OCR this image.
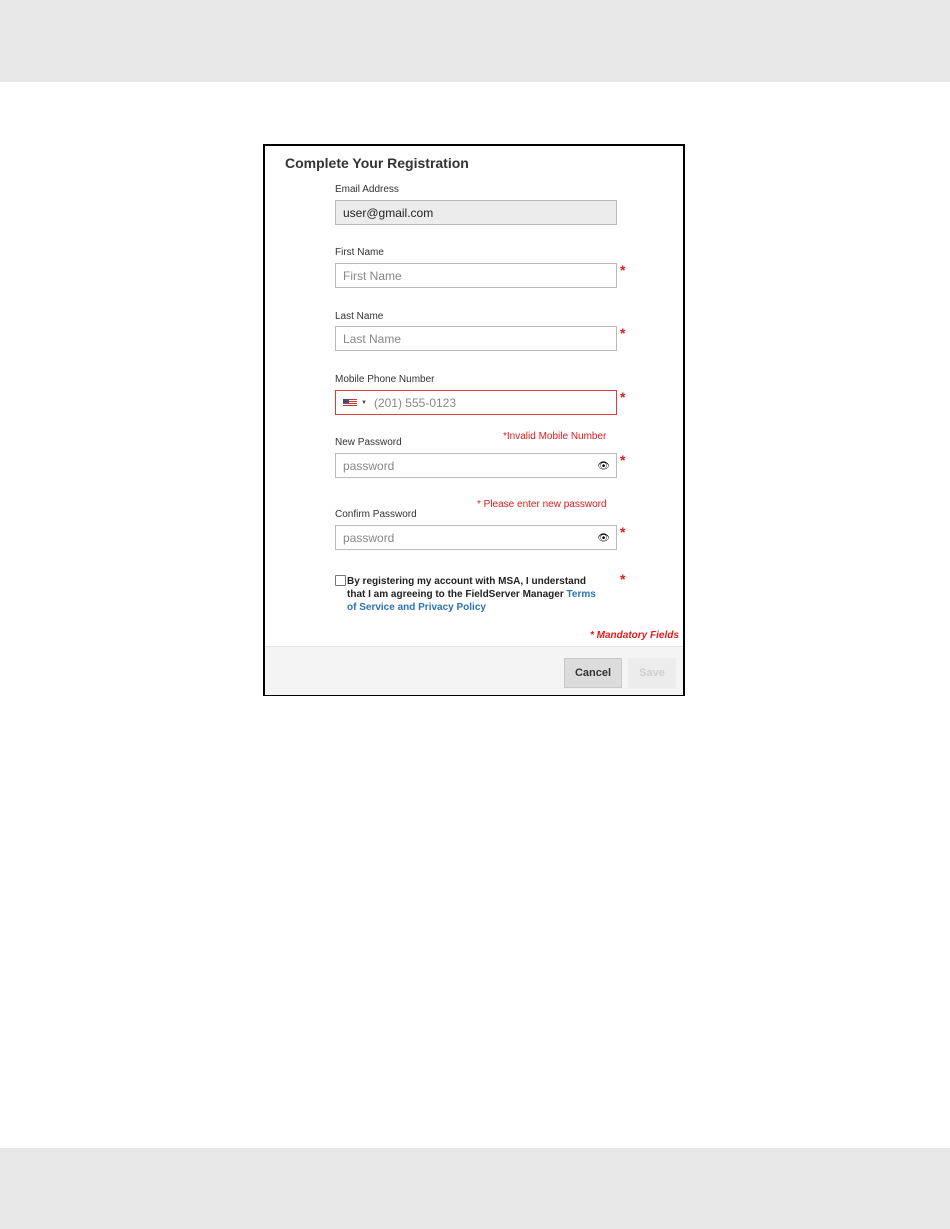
Complete Your Registration
Email Address
user@gmail.com
First Name
First Name	*
Last Name
Last Name	*
Mobile Phone Number
▼ (201) 555-0123	*
*Invalid Mobile Number
New Password
password	👁 *
* Please enter new password
Confirm Password
password	👁 *
By registering my account with MSA, I understand that I am agreeing to the FieldServer Manager Terms of Service and Privacy Policy
*
* Mandatory Fields
Cancel	Save
